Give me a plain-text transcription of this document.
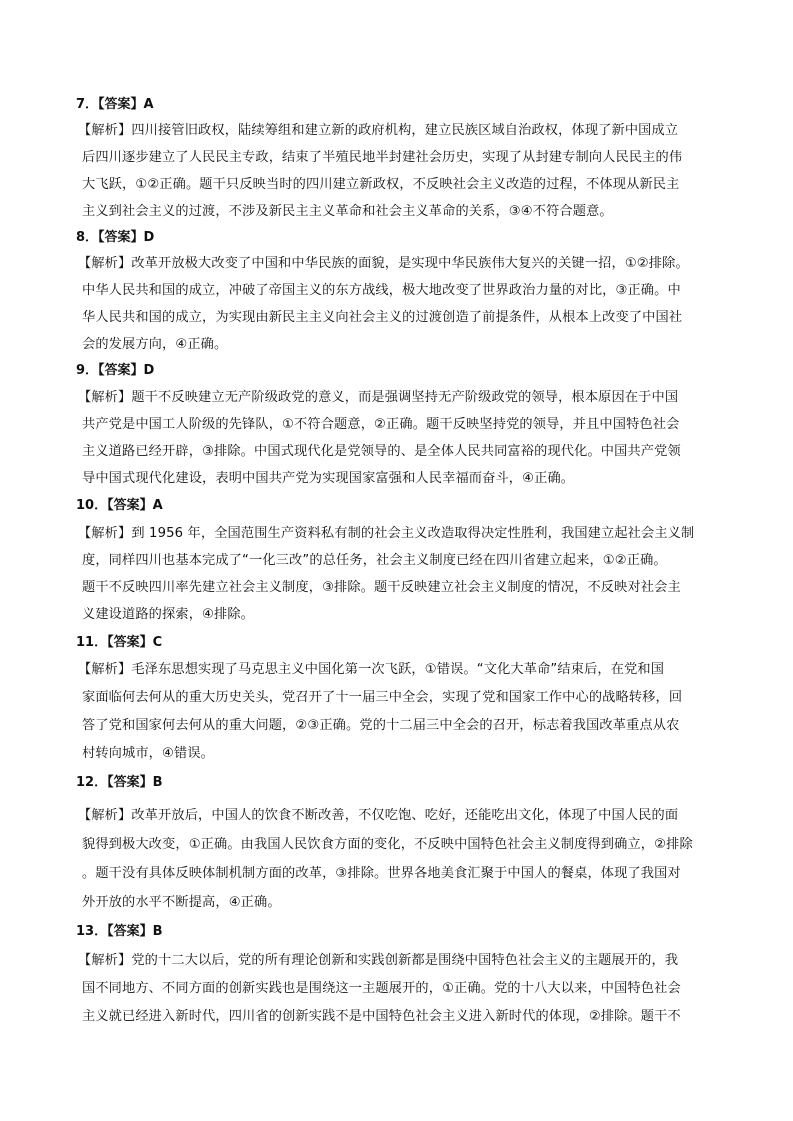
7．【答案】A
【解析】四川接管旧政权，陆续筹组和建立新的政府机构，建立民族区域自治政权，体现了新中国成立
后四川逐步建立了人民民主专政，结束了半殖民地半封建社会历史，实现了从封建专制向人民民主的伟
大飞跃，①②正确。题干只反映当时的四川建立新政权，不反映社会主义改造的过程，不体现从新民主
主义到社会主义的过渡，不涉及新民主主义革命和社会主义革命的关系，③④不符合题意。
8．【答案】D
【解析】改革开放极大改变了中国和中华民族的面貌，是实现中华民族伟大复兴的关键一招，①②排除。
中华人民共和国的成立，冲破了帝国主义的东方战线，极大地改变了世界政治力量的对比，③正确。中
华人民共和国的成立，为实现由新民主主义向社会主义的过渡创造了前提条件，从根本上改变了中国社
会的发展方向，④正确。
9．【答案】D
【解析】题干不反映建立无产阶级政党的意义，而是强调坚持无产阶级政党的领导，根本原因在于中国
共产党是中国工人阶级的先锋队，①不符合题意，②正确。题干反映坚持党的领导，并且中国特色社会
主义道路已经开辟，③排除。中国式现代化是党领导的、是全体人民共同富裕的现代化。中国共产党领
导中国式现代化建设，表明中国共产党为实现国家富强和人民幸福而奋斗，④正确。
10．【答案】A
【解析】到 1956 年，全国范围生产资料私有制的社会主义改造取得决定性胜利，我国建立起社会主义制
度，同样四川也基本完成了“一化三改”的总任务，社会主义制度已经在四川省建立起来，①②正确。
题干不反映四川率先建立社会主义制度，③排除。题干反映建立社会主义制度的情况，不反映对社会主
义建设道路的探索，④排除。
11．【答案】C
【解析】毛泽东思想实现了马克思主义中国化第一次飞跃，①错误。“文化大革命”结束后，在党和国
家面临何去何从的重大历史关头，党召开了十一届三中全会，实现了党和国家工作中心的战略转移，回
答了党和国家何去何从的重大问题，②③正确。党的十二届三中全会的召开，标志着我国改革重点从农
村转向城市，④错误。
12．【答案】B
【解析】改革开放后，中国人的饮食不断改善，不仅吃饱、吃好，还能吃出文化，体现了中国人民的面
貌得到极大改变，①正确。由我国人民饮食方面的变化，不反映中国特色社会主义制度得到确立，②排除
。题干没有具体反映体制机制方面的改革，③排除。世界各地美食汇聚于中国人的餐桌，体现了我国对
外开放的水平不断提高，④正确。
13．【答案】B
【解析】党的十二大以后，党的所有理论创新和实践创新都是围绕中国特色社会主义的主题展开的，我
国不同地方、不同方面的创新实践也是围绕这一主题展开的，①正确。党的十八大以来，中国特色社会
主义就已经进入新时代，四川省的创新实践不是中国特色社会主义进入新时代的体现，②排除。题干不
